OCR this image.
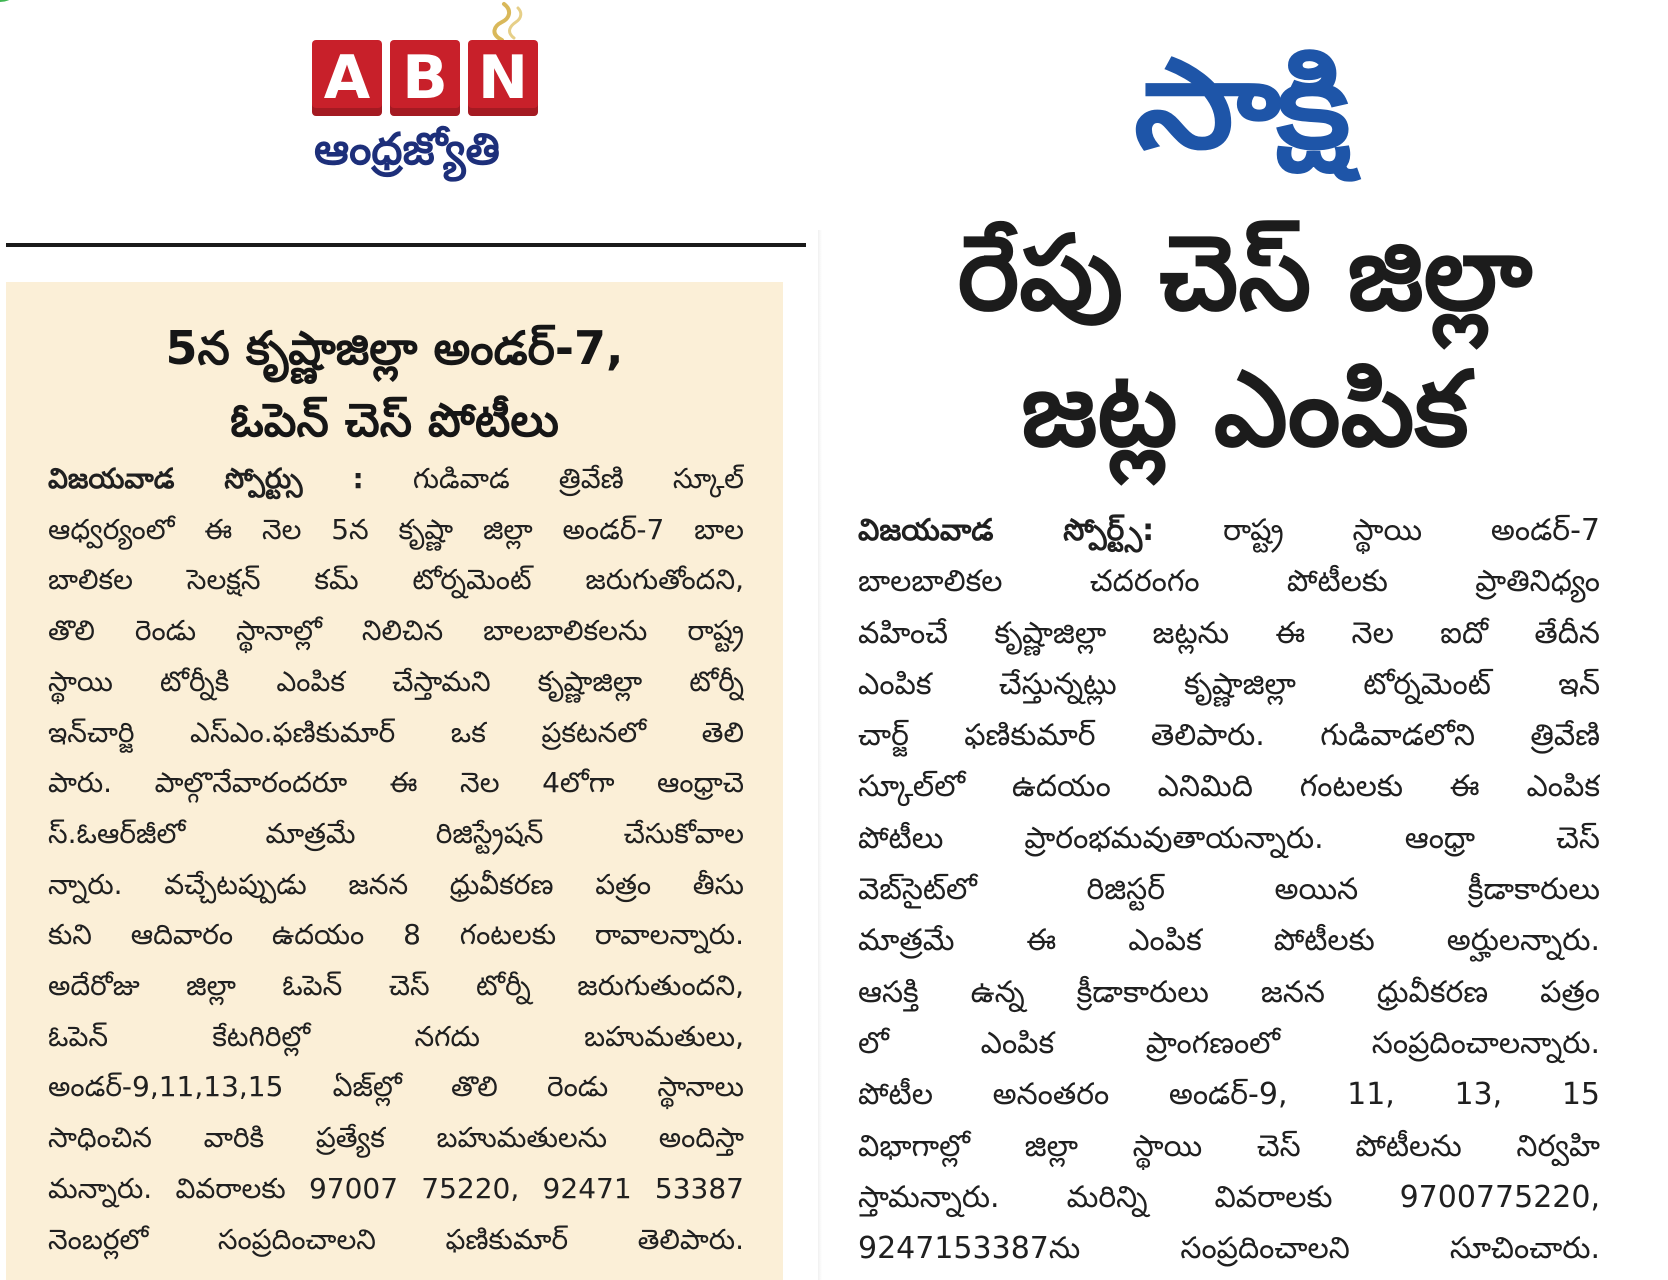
A B N
ఆంధ్రజ్యోతి
5న కృష్ణాజిల్లా అండర్‌-7,
ఓపెన్‌ చెస్‌ పోటీలు
విజయవాడ స్పోర్ట్సు : గుడివాడ త్రివేణి స్కూల్‌
ఆధ్వర్యంలో ఈ నెల 5న కృష్ణా జిల్లా అండర్‌-7 బాల
బాలికల సెలక్షన్‌ కమ్‌ టోర్నమెంట్‌ జరుగుతోందని,
తొలి రెండు స్థానాల్లో నిలిచిన బాలబాలికలను రాష్ట్ర
స్థాయి టోర్నీకి ఎంపిక చేస్తామని కృష్ణాజిల్లా టోర్నీ
ఇన్‌చార్జి ఎస్‌ఎం.ఫణికుమార్‌ ఒక ప్రకటనలో తెలి
పారు. పాల్గొనేవారందరూ ఈ నెల 4లోగా ఆంధ్రాచె
స్‌.ఓఆర్‌జీలో మాత్రమే రిజిస్ట్రేషన్‌ చేసుకోవాల
న్నారు. వచ్చేటప్పుడు జనన ధ్రువీకరణ పత్రం తీసు
కుని ఆదివారం ఉదయం 8 గంటలకు రావాలన్నారు.
అదేరోజు జిల్లా ఓపెన్‌ చెస్‌ టోర్నీ జరుగుతుందని,
ఓపెన్‌ కేటగిరిల్లో నగదు బహుమతులు,
అండర్‌-9,11,13,15 ఏజ్‌ల్లో తొలి రెండు స్థానాలు
సాధించిన వారికి ప్రత్యేక బహుమతులను అందిస్తా
మన్నారు. వివరాలకు 97007 75220, 92471 53387
నెంబర్లలో సంప్రదించాలని ఫణికుమార్‌ తెలిపారు.
సాక్షి
రేపు చెస్‌ జిల్లా
జట్ల ఎంపిక
విజయవాడ స్పోర్ట్స్‌: రాష్ట్ర స్థాయి అండర్‌-7
బాలబాలికల చదరంగం పోటీలకు ప్రాతినిధ్యం
వహించే కృష్ణాజిల్లా జట్లను ఈ నెల ఐదో తేదీన
ఎంపిక చేస్తున్నట్లు కృష్ణాజిల్లా టోర్నమెంట్‌ ఇన్‌
చార్జ్‌ ఫణికుమార్‌ తెలిపారు. గుడివాడలోని త్రివేణి
స్కూల్‌లో ఉదయం ఎనిమిది గంటలకు ఈ ఎంపిక
పోటీలు ప్రారంభమవుతాయన్నారు. ఆంధ్రా చెస్‌
వెబ్‌సైట్‌లో రిజిస్టర్‌ అయిన క్రీడాకారులు
మాత్రమే ఈ ఎంపిక పోటీలకు అర్హులన్నారు.
ఆసక్తి ఉన్న క్రీడాకారులు జనన ధ్రువీకరణ పత్రం
లో ఎంపిక ప్రాంగణంలో సంప్రదించాలన్నారు.
పోటీల అనంతరం అండర్‌-9, 11, 13, 15
విభాగాల్లో జిల్లా స్థాయి చెస్‌ పోటీలను నిర్వహి
స్తామన్నారు. మరిన్ని వివరాలకు 9700775220,
9247153387ను సంప్రదించాలని సూచించారు.
